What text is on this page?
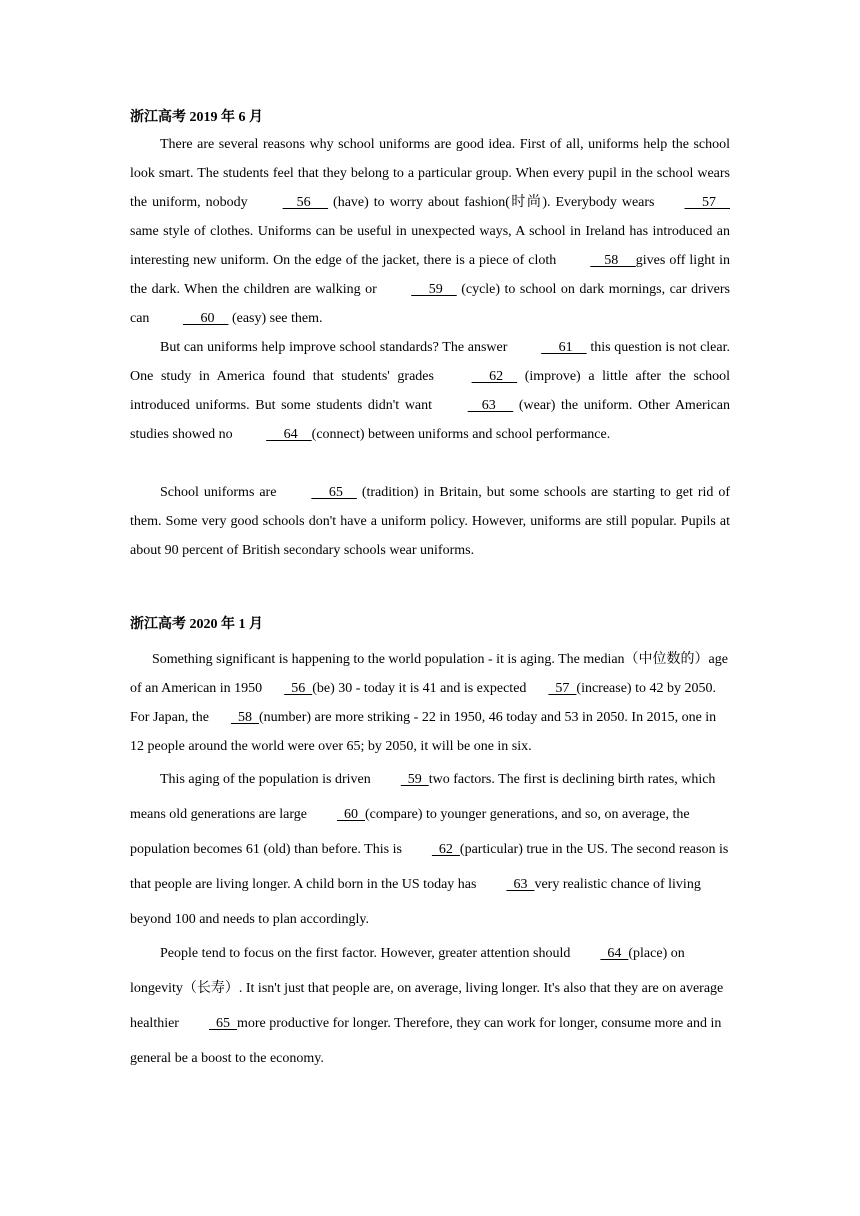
浙江高考 2019 年 6 月

There are several reasons why school uniforms are good idea. First of all, uniforms help the school look smart. The students feel that they belong to a particular group. When every pupil in the school wears the uniform, nobody     56      (have) to worry about fashion(时尚). Everybody wears     57     same style of clothes. Uniforms can be useful in unexpected ways, A school in Ireland has introduced an interesting new uniform. On the edge of the jacket, there is a piece of cloth     58     gives off light in the dark. When the children are walking or      59     (cycle) to school on dark mornings, car drivers can      60     (easy) see them.

But can uniforms help improve school standards? The answer      61     this question is not clear. One study in America found that students' grades      62     (improve) a little after the school introduced uniforms. But some students didn't want     63      (wear) the uniform. Other American studies showed no      64    (connect) between uniforms and school performance.

School uniforms are      65     (tradition) in Britain, but some schools are starting to get rid of them. Some very good schools don't have a uniform policy. However, uniforms are still popular. Pupils at about 90 percent of British secondary schools wear uniforms.

浙江高考 2020 年 1 月

Something significant is happening to the world population - it is aging. The median（中位数的）age of an American in 1950  56  (be) 30 - today it is 41 and is expected  57  (increase) to 42 by 2050. For Japan, the  58  (number) are more striking - 22 in 1950, 46 today and 53 in 2050. In 2015, one in 12 people around the world were over 65; by 2050, it will be one in six.

This aging of the population is driven  59  two factors. The first is declining birth rates, which means old generations are large  60  (compare) to younger generations, and so, on average, the population becomes 61 (old) than before. This is  62  (particular) true in the US. The second reason is that people are living longer. A child born in the US today has  63  very realistic chance of living beyond 100 and needs to plan accordingly.

People tend to focus on the first factor. However, greater attention should  64  (place) on longevity（长寿）. It isn't just that people are, on average, living longer. It's also that they are on average healthier  65  more productive for longer. Therefore, they can work for longer, consume more and in general be a boost to the economy.
